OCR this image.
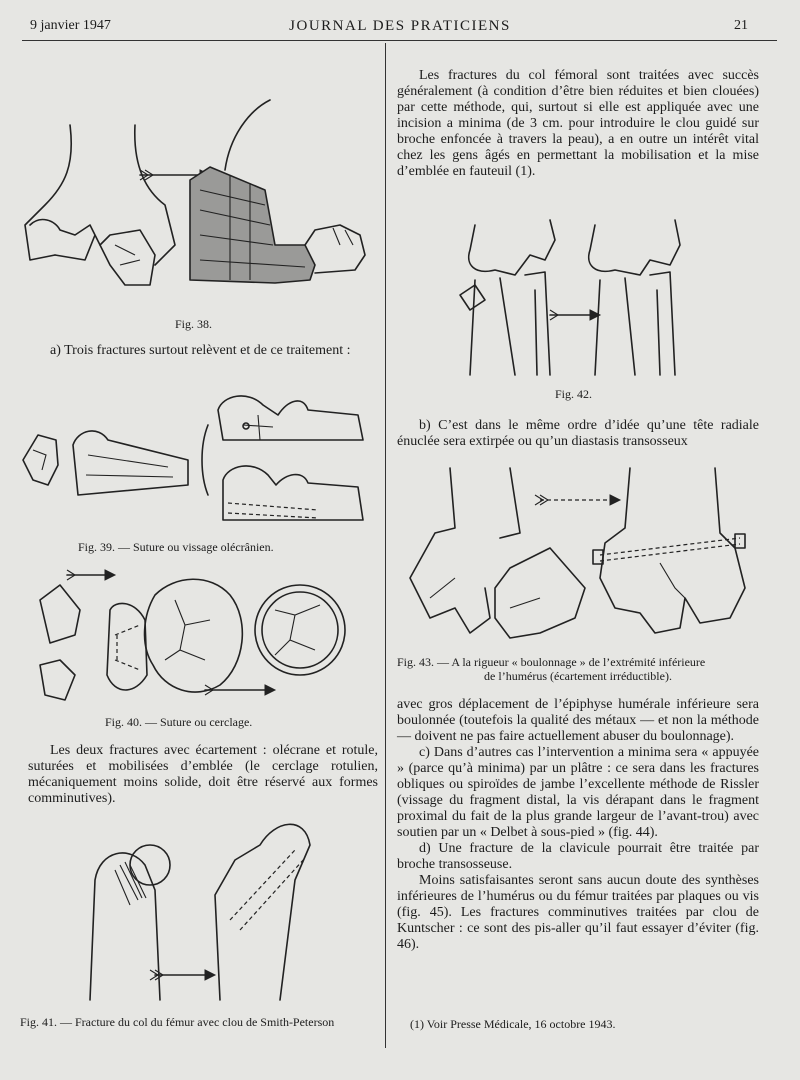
9 janvier 1947	JOURNAL DES PRATICIENS	21
Fig. 38.

a) Trois fractures surtout relèvent et de ce traitement :

Fig. 39. — Suture ou vissage olécrânien.
Fig. 40. — Suture ou cerclage.

Les deux fractures avec écartement : olécrane et rotule, suturées et mobilisées d’emblée (le cerclage rotulien, mécaniquement moins solide, doit être réservé aux formes comminutives).

Fig. 41. — Fracture du col du fémur avec clou de Smith-Peterson

Les fractures du col fémoral sont traitées avec succès généralement (à condition d’être bien réduites et bien clouées) par cette méthode, qui, surtout si elle est appliquée avec une incision a minima (de 3 cm. pour introduire le clou guidé sur broche enfoncée à travers la peau), a en outre un intérêt vital chez les gens âgés en permettant la mobilisation et la mise d’emblée en fauteuil (1).

Fig. 42.

b) C’est dans le même ordre d’idée qu’une tête radiale énuclée sera extirpée ou qu’un diastasis transosseux

Fig. 43. — A la rigueur « boulonnage » de l’extrémité inférieure
de l’humérus (écartement irréductible).

avec gros déplacement de l’épiphyse humérale inférieure sera boulonnée (toutefois la qualité des métaux — et non la méthode — doivent ne pas faire actuellement abuser du boulonnage).

c) Dans d’autres cas l’intervention a minima sera « appuyée » (parce qu’à minima) par un plâtre : ce sera dans les fractures obliques ou spiroïdes de jambe l’excellente méthode de Rissler (vissage du fragment distal, la vis dérapant dans le fragment proximal du fait de la plus grande largeur de l’avant-trou) avec soutien par un « Delbet à sous-pied » (fig. 44).

d) Une fracture de la clavicule pourrait être traitée par broche transosseuse.

Moins satisfaisantes seront sans aucun doute des synthèses inférieures de l’humérus ou du fémur traitées par plaques ou vis (fig. 45). Les fractures comminutives traitées par clou de Kuntscher : ce sont des pis-aller qu’il faut essayer d’éviter (fig. 46).

(1) Voir Presse Médicale, 16 octobre 1943.
